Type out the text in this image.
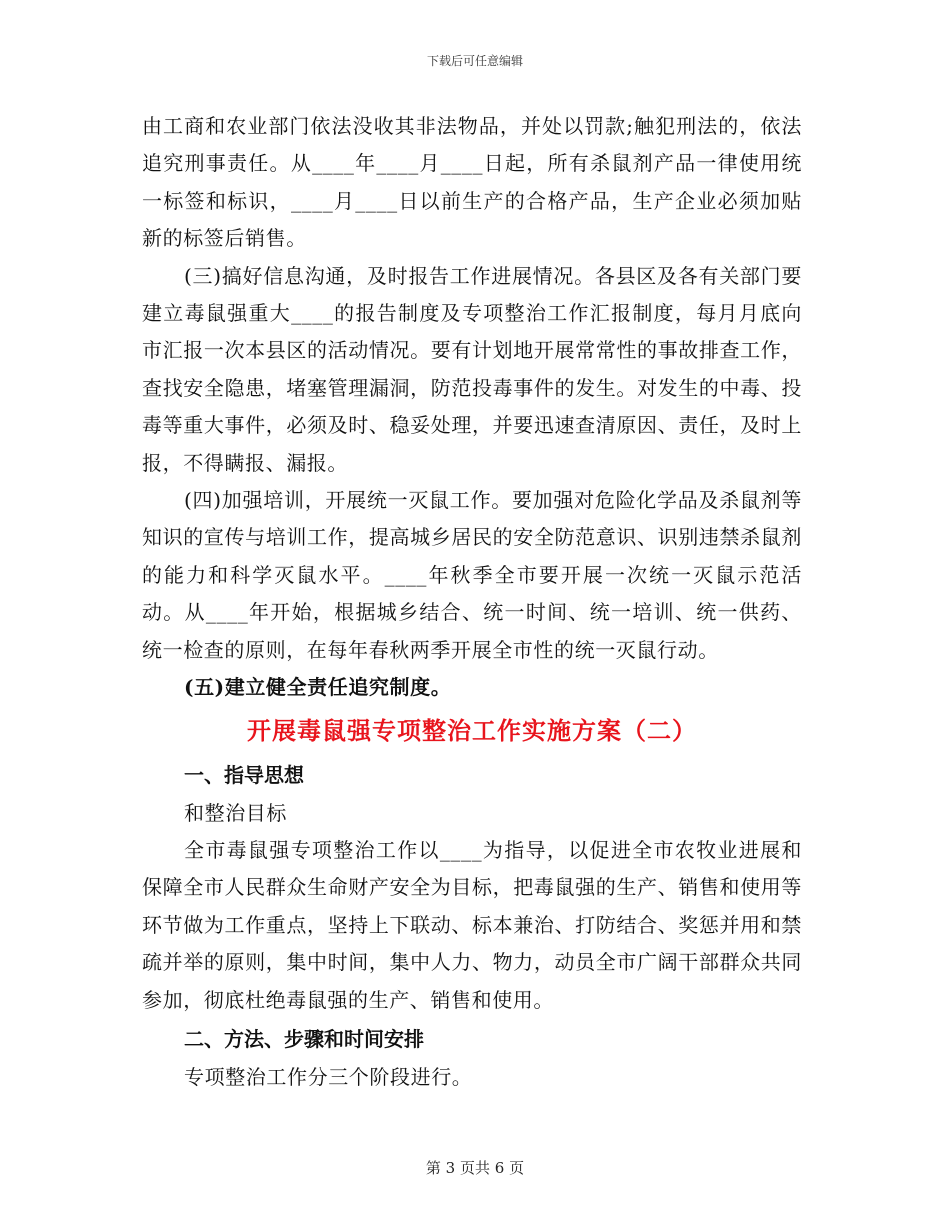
下载后可任意编辑

由工商和农业部门依法没收其非法物品，并处以罚款;触犯刑法的，依法追究刑事责任。从____年____月____日起，所有杀鼠剂产品一律使用统一标签和标识，____月____日以前生产的合格产品，生产企业必须加贴新的标签后销售。

(三)搞好信息沟通，及时报告工作进展情况。各县区及各有关部门要建立毒鼠强重大____的报告制度及专项整治工作汇报制度，每月月底向市汇报一次本县区的活动情况。要有计划地开展常常性的事故排查工作，查找安全隐患，堵塞管理漏洞，防范投毒事件的发生。对发生的中毒、投毒等重大事件，必须及时、稳妥处理，并要迅速查清原因、责任，及时上报，不得瞒报、漏报。

(四)加强培训，开展统一灭鼠工作。要加强对危险化学品及杀鼠剂等知识的宣传与培训工作，提高城乡居民的安全防范意识、识别违禁杀鼠剂的能力和科学灭鼠水平。____年秋季全市要开展一次统一灭鼠示范活动。从____年开始，根据城乡结合、统一时间、统一培训、统一供药、统一检查的原则，在每年春秋两季开展全市性的统一灭鼠行动。

(五)建立健全责任追究制度。

开展毒鼠强专项整治工作实施方案（二）

一、指导思想

和整治目标

全市毒鼠强专项整治工作以____为指导，以促进全市农牧业进展和保障全市人民群众生命财产安全为目标，把毒鼠强的生产、销售和使用等环节做为工作重点，坚持上下联动、标本兼治、打防结合、奖惩并用和禁疏并举的原则，集中时间，集中人力、物力，动员全市广阔干部群众共同参加，彻底杜绝毒鼠强的生产、销售和使用。

二、方法、步骤和时间安排

专项整治工作分三个阶段进行。

第 3 页共 6 页
